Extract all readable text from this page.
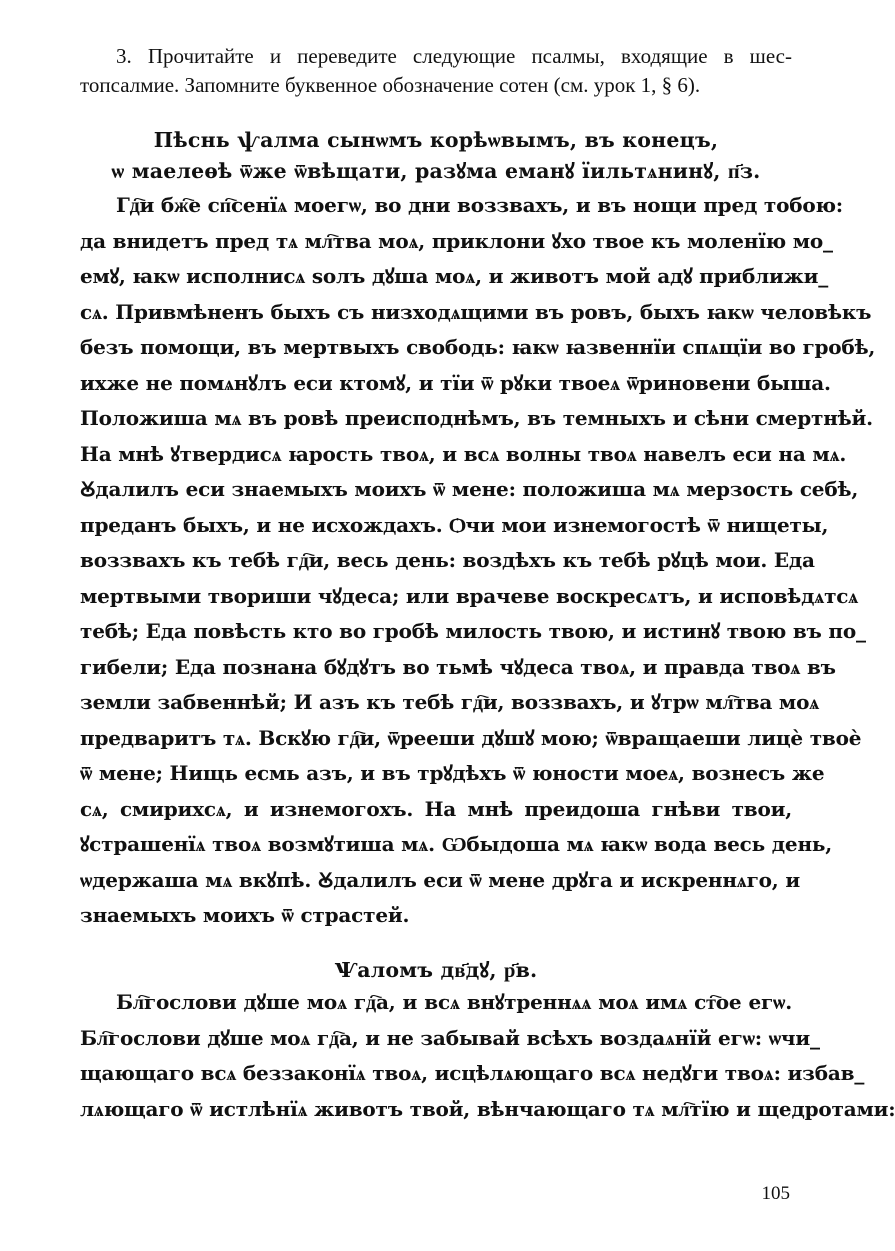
3. Прочитайте и переведите следующие псалмы, входящие в шес-
топсалмие. Запомните буквенное обозначение сотен (см. урок 1, § 6).
Пѣснь ѱалма сынѡмъ корѣѡвымъ, въ конецъ,
ѡ маелеѳѣ ѿже ѿвѣщати, разꙋма еманꙋ їильтѧнинꙋ, п҃з.
Гд҇и бж҇е сп҇сенїѧ моегѡ, во дни воззвахъ, и въ нощи пред тобою:
да внидетъ пред тѧ мл҇тва моѧ, приклони ꙋхо твое къ моленїю мо_
емꙋ, ꙗкѡ исполнисѧ ѕолъ дꙋша моѧ, и животъ мой адꙋ приближи_
сѧ. Привмѣненъ быхъ съ низходѧщими въ ровъ, быхъ ꙗкѡ человѣкъ
безъ помощи, въ мертвыхъ свободь: ꙗкѡ ꙗзвеннїи спѧщїи во гробѣ,
ихже не помѧнꙋлъ еси ктомꙋ, и тїи ѿ рꙋки твоеѧ ѿриновени быша.
Положиша мѧ въ ровѣ преисподнѣмъ, въ темныхъ и сѣни смертнѣй.
На мнѣ ꙋтвердисѧ ꙗрость твоѧ, и всѧ волны твоѧ навелъ еси на мѧ.
Ꙋдалилъ еси знаемыхъ моихъ ѿ мене: положиша мѧ мерзость себѣ,
преданъ быхъ, и не исхождахъ. Ѻчи мои изнемогостѣ ѿ нищеты,
воззвахъ къ тебѣ гд҇и, весь день: воздѣхъ къ тебѣ рꙋцѣ мои. Еда
мертвыми твориши чꙋдеса; или врачеве воскресѧтъ, и исповѣдѧтсѧ
тебѣ; Еда повѣсть кто во гробѣ милость твою, и истинꙋ твою въ по_
гибели; Еда познана бꙋдꙋтъ во тьмѣ чꙋдеса твоѧ, и правда твоѧ въ
земли забвеннѣй; И азъ къ тебѣ гд҇и, воззвахъ, и ꙋтрѡ мл҇тва моѧ
предваритъ тѧ. Вскꙋю гд҇и, ѿрееши дꙋшꙋ мою; ѿвращаеши лицѐ твоѐ
ѿ мене; Нищь есмь азъ, и въ трꙋдѣхъ ѿ юности моеѧ, вознесъ же
сѧ, смирихсѧ, и изнемогохъ. На мнѣ преидоша гнѣви твои,
ꙋстрашенїѧ твоѧ возмꙋтиша мѧ. Ѡбыдоша мѧ ꙗкѡ вода весь день,
ѡдержаша мѧ вкꙋпѣ. Ꙋдалилъ еси ѿ мене дрꙋга и искреннѧго, и
знаемыхъ моихъ ѿ страстей.
Ѱаломъ дв҃дꙋ, р҃в.
Бл҇гослови дꙋше моѧ гд҇а, и всѧ внꙋтреннѧѧ моѧ имѧ ст҇ое егѡ.
Бл҇гослови дꙋше моѧ гд҇а, и не забывай всѣхъ воздаѧнїй егѡ: ѡчи_
щающаго всѧ беззаконїѧ твоѧ, исцѣлѧющаго всѧ недꙋги твоѧ: избав_
лѧющаго ѿ истлѣнїѧ животъ твой, вѣнчающаго тѧ мл҇тїю и щедротами:
105
